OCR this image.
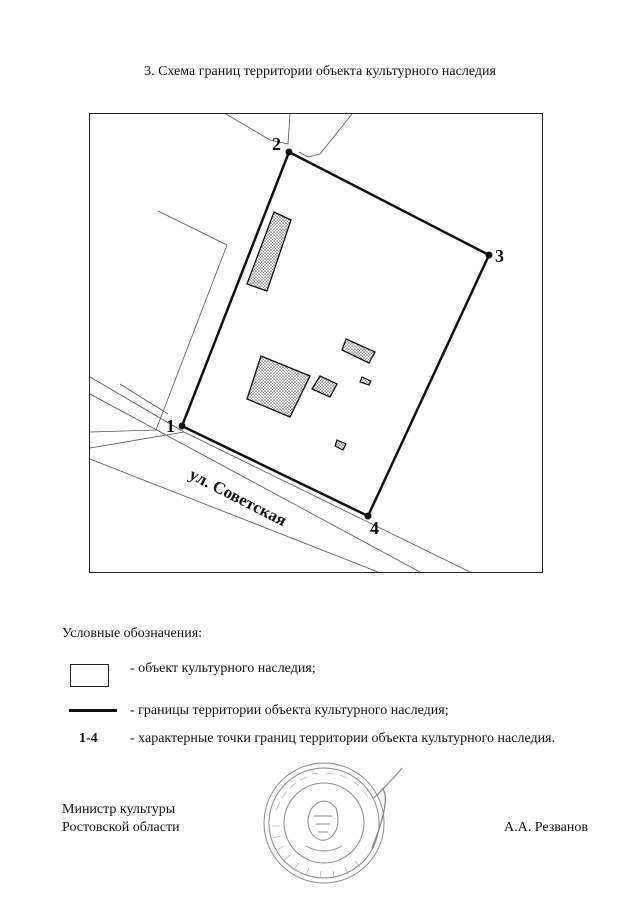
3. Схема границ территории объекта культурного наследия
1
2
3
4
ул. Советская
Условные обозначения:
- объект культурного наследия;
- границы территории объекта культурного наследия;
1-4 - характерные точки границ территории объекта культурного наследия.
Министр культуры
Ростовской области	А.А. Резванов
